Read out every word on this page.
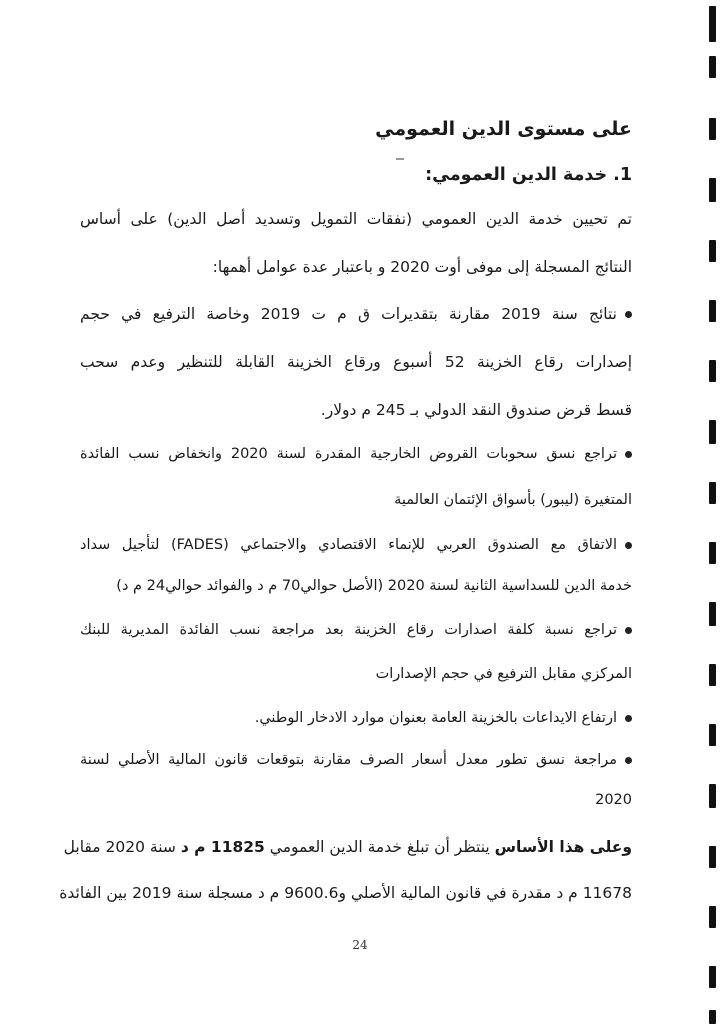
على مستوى الدين العمومي
1.خدمة الدين العمومي:
تم تحيين خدمة الدين العمومي (نفقات التمويل وتسديد أصل الدين) على أساس
النتائج المسجلة إلى موفى أوت 2020 و باعتبار عدة عوامل أهمها:
نتائج سنة 2019 مقارنة بتقديرات ق م ت 2019 وخاصة الترفيع في حجم
إصدارات رقاع الخزينة 52 أسبوع ورقاع الخزينة القابلة للتنظير وعدم سحب
قسط قرض صندوق النقد الدولي بـ 245 م دولار.
تراجع نسق سحوبات القروض الخارجية المقدرة لسنة 2020 وانخفاض نسب الفائدة
المتغيرة (ليبور) بأسواق الإئتمان العالمية
الاتفاق مع الصندوق العربي للإنماء الاقتصادي والاجتماعي (FADES) لتأجيل سداد
خدمة الدين للسداسية الثانية لسنة 2020 (الأصل حوالي70 م د والفوائد حوالي24 م د)
تراجع نسبة كلفة اصدارات رقاع الخزينة بعد مراجعة نسب الفائدة المديرية للبنك
المركزي مقابل الترفيع في حجم الإصدارات
ارتفاع الايداعات بالخزينة العامة بعنوان موارد الادخار الوطني.
مراجعة نسق تطور معدل أسعار الصرف مقارنة بتوقعات قانون المالية الأصلي لسنة
2020
وعلى هذا الأساس ينتظر أن تبلغ خدمة الدين العمومي 11825 م د سنة 2020 مقابل
11678 م د مقدرة في قانون المالية الأصلي و9600.6 م د مسجلة سنة 2019 بين الفائدة
24
